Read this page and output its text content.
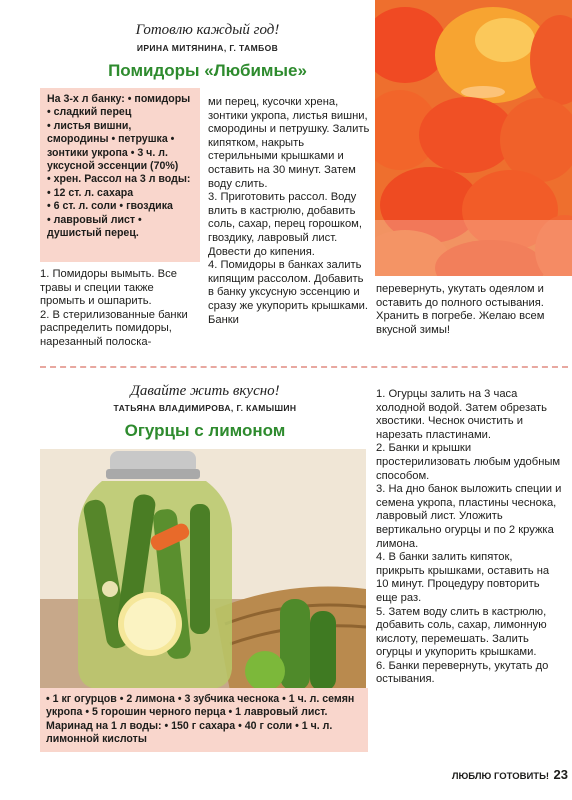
Готовлю каждый год!
ИРИНА МИТЯНИНА, Г. ТАМБОВ
Помидоры «Любимые»
На 3-х л банку: • помидоры • сладкий перец
• листья вишни, смородины • петрушка • зонтики укропа • 3 ч. л. уксусной эссенции (70%)
• хрен. Рассол на 3 л воды: • 12 ст. л. сахара
• 6 ст. л. соли • гвоздика
• лавровый лист • душистый перец.
1. Помидоры вымыть. Все травы и специи также промыть и ошпарить.
2. В стерилизованные банки распределить помидоры, нарезанный полоска-
ми перец, кусочки хрена, зонтики укропа, листья вишни, смородины и петрушку. Залить кипятком, накрыть стерильными крышками и оставить на 30 минут. Затем воду слить.
3. Приготовить рассол. Воду влить в кастрюлю, добавить соль, сахар, перец горошком, гвоздику, лавровый лист. Довести до кипения.
4. Помидоры в банках залить кипящим рассолом. Добавить в банку уксусную эссенцию и сразу же укупорить крышками. Банки
перевернуть, укутать одеялом и оставить до полного остывания. Хранить в погребе. Желаю всем вкусной зимы!
Давайте жить вкусно!
ТАТЬЯНА ВЛАДИМИРОВА, Г. КАМЫШИН
Огурцы с лимоном
• 1 кг огурцов • 2 лимона • 3 зубчика чеснока • 1 ч. л. семян укропа • 5 горошин черного перца • 1 лавровый лист. Маринад на 1 л воды: • 150 г сахара • 40 г соли • 1 ч. л. лимонной кислоты
1. Огурцы залить на 3 часа холодной водой. Затем обрезать хвостики. Чеснок очистить и нарезать пластинами.
2. Банки и крышки простерилизовать любым удобным способом.
3. На дно банок выложить специи и семена укропа, пластины чеснока, лавровый лист. Уложить вертикально огурцы и по 2 кружка лимона.
4. В банки залить кипяток, прикрыть крышками, оставить на 10 минут. Процедуру повторить еще раз.
5. Затем воду слить в кастрюлю, добавить соль, сахар, лимонную кислоту, перемешать. Залить огурцы и укупорить крышками.
6. Банки перевернуть, укутать до остывания.
ЛЮБЛЮ ГОТОВИТЬ! 23
PassionForum.ru
